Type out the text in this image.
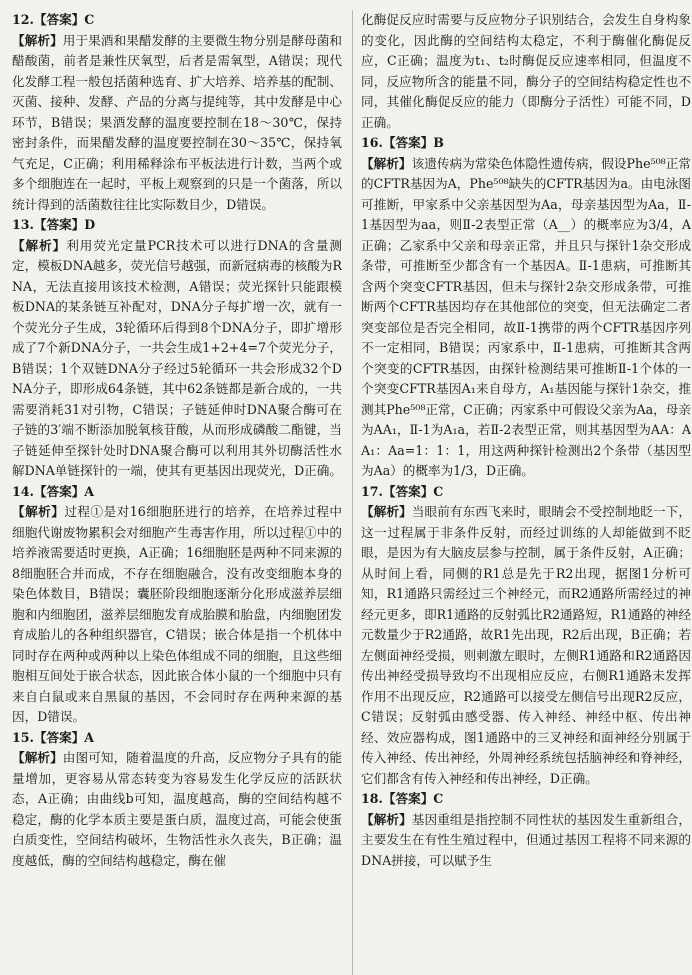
12.【答案】C

【解析】用于果酒和果醋发酵的主要微生物分别是酵母菌和醋酸菌，前者是兼性厌氧型，后者是需氧型，A错误；现代化发酵工程一般包括菌种选育、扩大培养、培养基的配制、灭菌、接种、发酵、产品的分离与提纯等，其中发酵是中心环节，B错误；果酒发酵的温度要控制在18～30℃，保持密封条件，而果醋发酵的温度要控制在30～35℃，保持氧气充足，C正确；利用稀释涂布平板法进行计数，当两个或多个细胞连在一起时，平板上观察到的只是一个菌落，所以统计得到的活菌数往往比实际数目少，D错误。

13.【答案】D

【解析】利用荧光定量PCR技术可以进行DNA的含量测定，模板DNA越多，荧光信号越强，而新冠病毒的核酸为RNA，无法直接用该技术检测，A错误；荧光探针只能跟模板DNA的某条链互补配对，DNA分子每扩增一次，就有一个荧光分子生成，3轮循环后得到8个DNA分子，即扩增形成了7个新DNA分子，一共会生成1+2+4=7个荧光分子，B错误；1个双链DNA分子经过5轮循环一共会形成32个DNA分子，即形成64条链，其中62条链都是新合成的，一共需要消耗31对引物，C错误；子链延伸时DNA聚合酶可在子链的3′端不断添加脱氧核苷酸，从而形成磷酸二酯键，当子链延伸至探针处时DNA聚合酶可以利用其外切酶活性水解DNA单链探针的一端，使其有更基因出现荧光，D正确。

14.【答案】A

【解析】过程①是对16细胞胚进行的培养，在培养过程中细胞代谢废物累积会对细胞产生毒害作用，所以过程①中的培养液需要适时更换，A正确；16细胞胚是两种不同来源的8细胞胚合并而成，不存在细胞融合，没有改变细胞本身的染色体数目，B错误；囊胚阶段细胞逐渐分化形成滋养层细胞和内细胞团，滋养层细胞发育成胎膜和胎盘，内细胞团发育成胎儿的各种组织器官，C错误；嵌合体是指一个机体中同时存在两种或两种以上染色体组成不同的细胞，且这些细胞相互间处于嵌合状态，因此嵌合体小鼠的一个细胞中只有来自白鼠或来自黑鼠的基因，不会同时存在两种来源的基因，D错误。

15.【答案】A

【解析】由图可知，随着温度的升高，反应物分子具有的能量增加，更容易从常态转变为容易发生化学反应的活跃状态，A正确；由曲线b可知，温度越高，酶的空间结构越不稳定，酶的化学本质主要是蛋白质，温度过高，可能会使蛋白质变性，空间结构破坏，生物活性永久丧失，B正确；温度越低，酶的空间结构越稳定，酶在催

化酶促反应时需要与反应物分子识别结合，会发生自身构象的变化，因此酶的空间结构太稳定，不利于酶催化酶促反应，C正确；温度为t₁、t₂时酶促反应速率相同，但温度不同，反应物所含的能量不同，酶分子的空间结构稳定性也不同，其催化酶促反应的能力（即酶分子活性）可能不同，D正确。

16.【答案】B

【解析】该遗传病为常染色体隐性遗传病，假设Phe⁵⁰⁸正常的CFTR基因为A，Phe⁵⁰⁸缺失的CFTR基因为a。由电泳图可推断，甲家系中父亲基因型为Aa，母亲基因型为Aa，Ⅱ-1基因型为aa，则Ⅱ-2表型正常（A__）的概率应为3/4，A正确；乙家系中父亲和母亲正常，并且只与探针1杂交形成条带，可推断至少都含有一个基因A。Ⅱ-1患病，可推断其含两个突变CFTR基因，但未与探针2杂交形成条带，可推断两个CFTR基因均存在其他部位的突变，但无法确定二者突变部位是否完全相同，故Ⅱ-1携带的两个CFTR基因序列不一定相同，B错误；丙家系中，Ⅱ-1患病，可推断其含两个突变的CFTR基因，由探针检测结果可推断Ⅱ-1个体的一个突变CFTR基因A₁来自母方，A₁基因能与探针1杂交，推测其Phe⁵⁰⁸正常，C正确；丙家系中可假设父亲为Aa，母亲为AA₁，Ⅱ-1为A₁a，若Ⅱ-2表型正常，则其基因型为AA：AA₁：Aa=1：1：1，用这两种探针检测出2个条带（基因型为Aa）的概率为1/3，D正确。

17.【答案】C

【解析】当眼前有东西飞来时，眼睛会不受控制地眨一下，这一过程属于非条件反射，而经过训练的人却能做到不眨眼，是因为有大脑皮层参与控制，属于条件反射，A正确；从时间上看，同侧的R1总是先于R2出现，据图1分析可知，R1通路只需经过三个神经元，而R2通路所需经过的神经元更多，即R1通路的反射弧比R2通路短，R1通路的神经元数量少于R2通路，故R1先出现，R2后出现，B正确；若左侧面神经受损，则刺激左眼时，左侧R1通路和R2通路因传出神经受损导致均不出现相应反应，右侧R1通路未发挥作用不出现反应，R2通路可以接受左侧信号出现R2反应，C错误；反射弧由感受器、传入神经、神经中枢、传出神经、效应器构成，图1通路中的三叉神经和面神经分别属于传入神经、传出神经，外周神经系统包括脑神经和脊神经，它们都含有传入神经和传出神经，D正确。

18.【答案】C

【解析】基因重组是指控制不同性状的基因发生重新组合，主要发生在有性生殖过程中，但通过基因工程将不同来源的DNA拼接，可以赋予生
